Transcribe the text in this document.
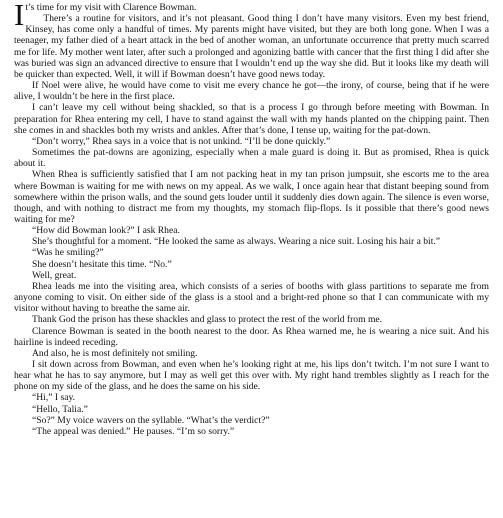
It’s time for my visit with Clarence Bowman.

There’s a routine for visitors, and it’s not pleasant. Good thing I don’t have many visitors. Even my best friend, Kinsey, has come only a handful of times. My parents might have visited, but they are both long gone. When I was a teenager, my father died of a heart attack in the bed of another woman, an unfortunate occurrence that pretty much scarred me for life. My mother went later, after such a prolonged and agonizing battle with cancer that the first thing I did after she was buried was sign an advanced directive to ensure that I wouldn’t end up the way she did. But it looks like my death will be quicker than expected. Well, it will if Bowman doesn’t have good news today.

If Noel were alive, he would have come to visit me every chance he got—the irony, of course, being that if he were alive, I wouldn’t be here in the first place.

I can’t leave my cell without being shackled, so that is a process I go through before meeting with Bowman. In preparation for Rhea entering my cell, I have to stand against the wall with my hands planted on the chipping paint. Then she comes in and shackles both my wrists and ankles. After that’s done, I tense up, waiting for the pat-down.

“Don’t worry,” Rhea says in a voice that is not unkind. “I’ll be done quickly.”

Sometimes the pat-downs are agonizing, especially when a male guard is doing it. But as promised, Rhea is quick about it.

When Rhea is sufficiently satisfied that I am not packing heat in my tan prison jumpsuit, she escorts me to the area where Bowman is waiting for me with news on my appeal. As we walk, I once again hear that distant beeping sound from somewhere within the prison walls, and the sound gets louder until it suddenly dies down again. The silence is even worse, though, and with nothing to distract me from my thoughts, my stomach flip-flops. Is it possible that there’s good news waiting for me?

“How did Bowman look?” I ask Rhea.

She’s thoughtful for a moment. “He looked the same as always. Wearing a nice suit. Losing his hair a bit.”

“Was he smiling?”

She doesn’t hesitate this time. “No.”

Well, great.

Rhea leads me into the visiting area, which consists of a series of booths with glass partitions to separate me from anyone coming to visit. On either side of the glass is a stool and a bright-red phone so that I can communicate with my visitor without having to breathe the same air.

Thank God the prison has these shackles and glass to protect the rest of the world from me.

Clarence Bowman is seated in the booth nearest to the door. As Rhea warned me, he is wearing a nice suit. And his hairline is indeed receding.

And also, he is most definitely not smiling.

I sit down across from Bowman, and even when he’s looking right at me, his lips don’t twitch. I’m not sure I want to hear what he has to say anymore, but I may as well get this over with. My right hand trembles slightly as I reach for the phone on my side of the glass, and he does the same on his side.

“Hi,” I say.

“Hello, Talia.”

“So?” My voice wavers on the syllable. “What’s the verdict?”

“The appeal was denied.” He pauses. “I’m so sorry.”
